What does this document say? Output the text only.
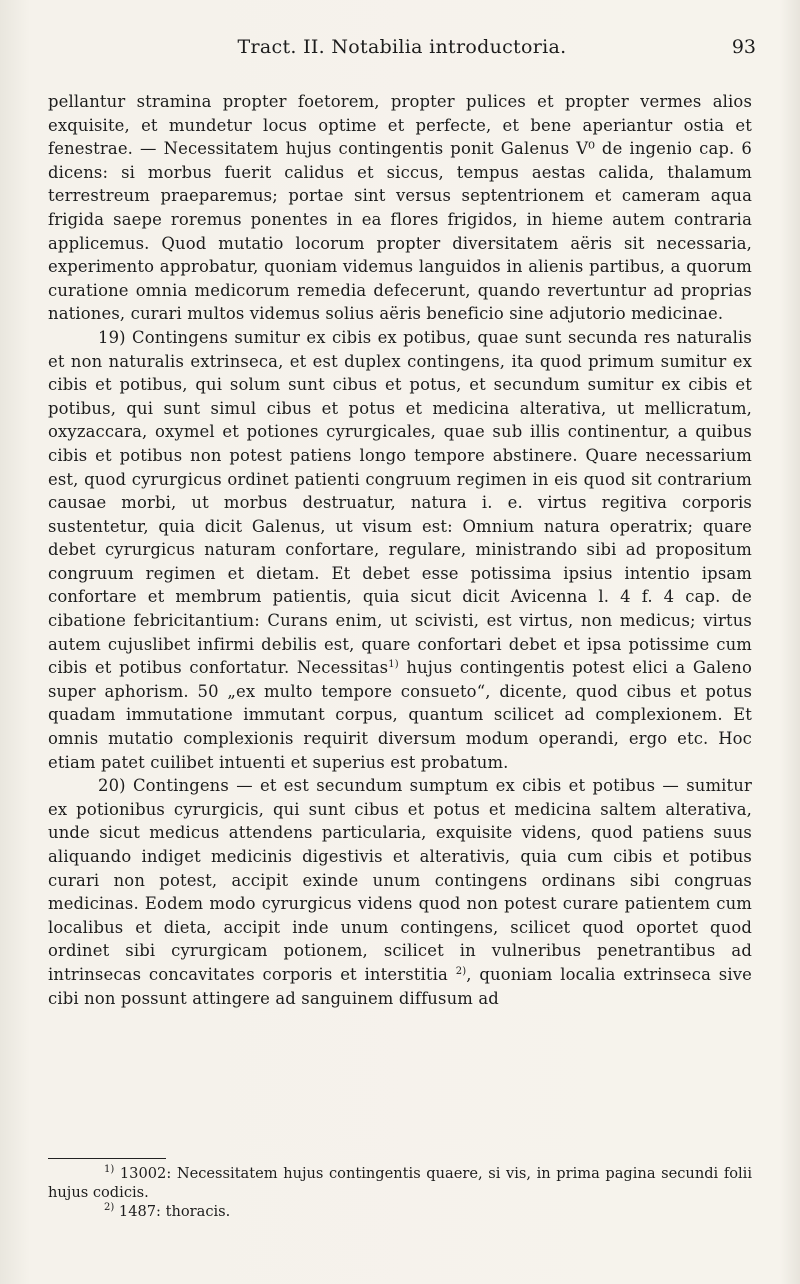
Tract. II. Notabilia introductoria.	93

pellantur stramina propter foetorem, propter pulices et propter vermes alios exquisite, et mundetur locus optime et perfecte, et bene aperiantur ostia et fenestrae. — Necessitatem hujus contingentis ponit Galenus V⁰ de ingenio cap. 6 dicens: si morbus fuerit calidus et siccus, tempus aestas calida, thalamum terrestreum praeparemus; portae sint versus septentrionem et cameram aqua frigida saepe roremus ponentes in ea flores frigidos, in hieme autem contraria applicemus. Quod mutatio locorum propter diversitatem aëris sit necessaria, experimento approbatur, quoniam videmus languidos in alienis partibus, a quorum curatione omnia medicorum remedia defecerunt, quando revertuntur ad proprias nationes, curari multos videmus solius aëris beneficio sine adjutorio medicinae.

19) Contingens sumitur ex cibis ex potibus, quae sunt secunda res naturalis et non naturalis extrinseca, et est duplex contingens, ita quod primum sumitur ex cibis et potibus, qui solum sunt cibus et potus, et secundum sumitur ex cibis et potibus, qui sunt simul cibus et potus et medicina alterativa, ut mellicratum, oxyzaccara, oxymel et potiones cyrurgicales, quae sub illis continentur, a quibus cibis et potibus non potest patiens longo tempore abstinere. Quare necessarium est, quod cyrurgicus ordinet patienti congruum regimen in eis quod sit contrarium causae morbi, ut morbus destruatur, natura i. e. virtus regitiva corporis sustentetur, quia dicit Galenus, ut visum est: Omnium natura operatrix; quare debet cyrurgicus naturam confortare, regulare, ministrando sibi ad propositum congruum regimen et dietam. Et debet esse potissima ipsius intentio ipsam confortare et membrum patientis, quia sicut dicit Avicenna l. 4 f. 4 cap. de cibatione febricitantium: Curans enim, ut scivisti, est virtus, non medicus; virtus autem cujuslibet infirmi debilis est, quare confortari debet et ipsa potissime cum cibis et potibus confortatur. Necessitas$^{1)}$ hujus contingentis potest elici a Galeno super aphorism. 50 „ex multo tempore consueto“, dicente, quod cibus et potus quadam immutatione immutant corpus, quantum scilicet ad complexionem. Et omnis mutatio complexionis requirit diversum modum operandi, ergo etc. Hoc etiam patet cuilibet intuenti et superius est probatum.

20) Contingens — et est secundum sumptum ex cibis et potibus — sumitur ex potionibus cyrurgicis, qui sunt cibus et potus et medicina saltem alterativa, unde sicut medicus attendens particularia, exquisite videns, quod patiens suus aliquando indiget medicinis digestivis et alterativis, quia cum cibis et potibus curari non potest, accipit exinde unum contingens ordinans sibi congruas medicinas. Eodem modo cyrurgicus videns quod non potest curare patientem cum localibus et dieta, accipit inde unum contingens, scilicet quod oportet quod ordinet sibi cyrurgicam potionem, scilicet in vulneribus penetrantibus ad intrinsecas concavitates corporis et interstitia $^{2)}$, quoniam localia extrinseca sive cibi non possunt attingere ad sanguinem diffusum ad

$^{1)}$ 13002: Necessitatem hujus contingentis quaere, si vis, in prima pagina secundi folii hujus codicis.

$^{2)}$ 1487: thoracis.
